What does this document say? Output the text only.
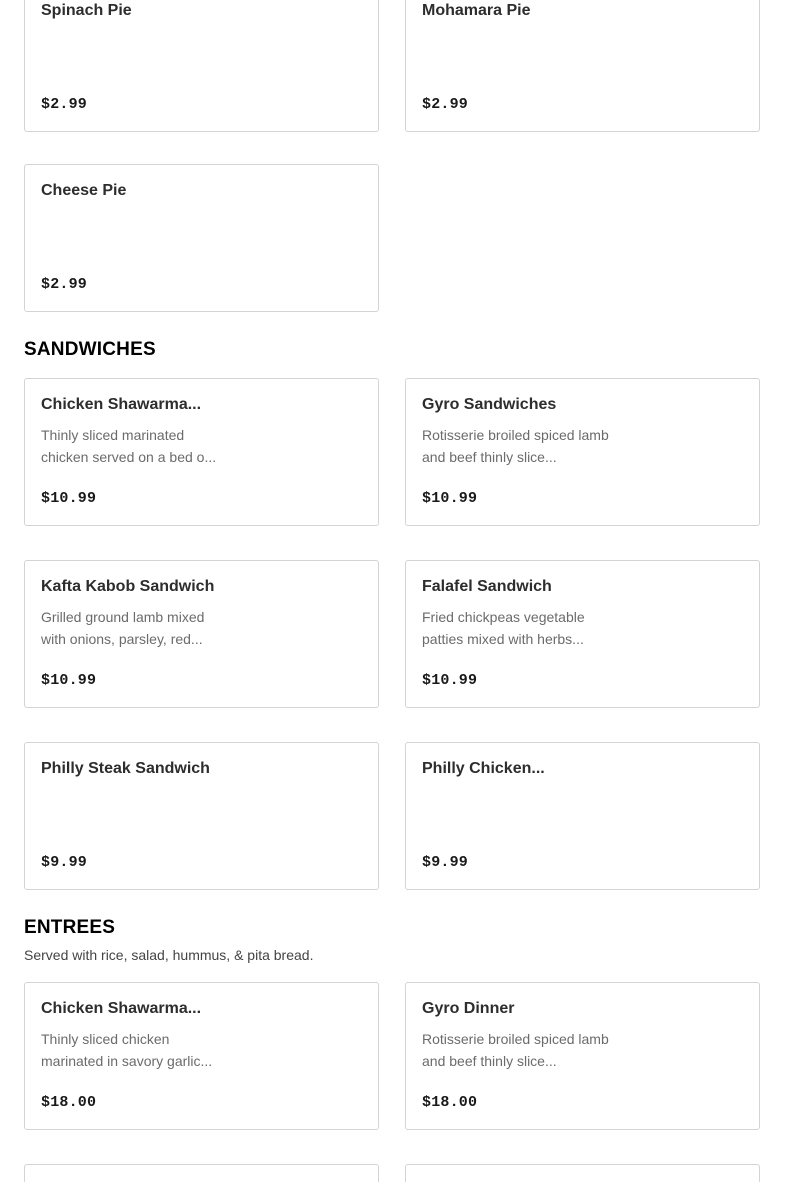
Spinach Pie
$2.99
Mohamara Pie
$2.99
Cheese Pie
$2.99
SANDWICHES
Chicken Shawarma...
Thinly sliced marinated chicken served on a bed o...
$10.99
Gyro Sandwiches
Rotisserie broiled spiced lamb and beef thinly slice...
$10.99
Kafta Kabob Sandwich
Grilled ground lamb mixed with onions, parsley, red...
$10.99
Falafel Sandwich
Fried chickpeas vegetable patties mixed with herbs...
$10.99
Philly Steak Sandwich
$9.99
Philly Chicken...
$9.99
ENTREES
Served with rice, salad, hummus, & pita bread.
Chicken Shawarma...
Thinly sliced chicken marinated in savory garlic...
$18.00
Gyro Dinner
Rotisserie broiled spiced lamb and beef thinly slice...
$18.00
